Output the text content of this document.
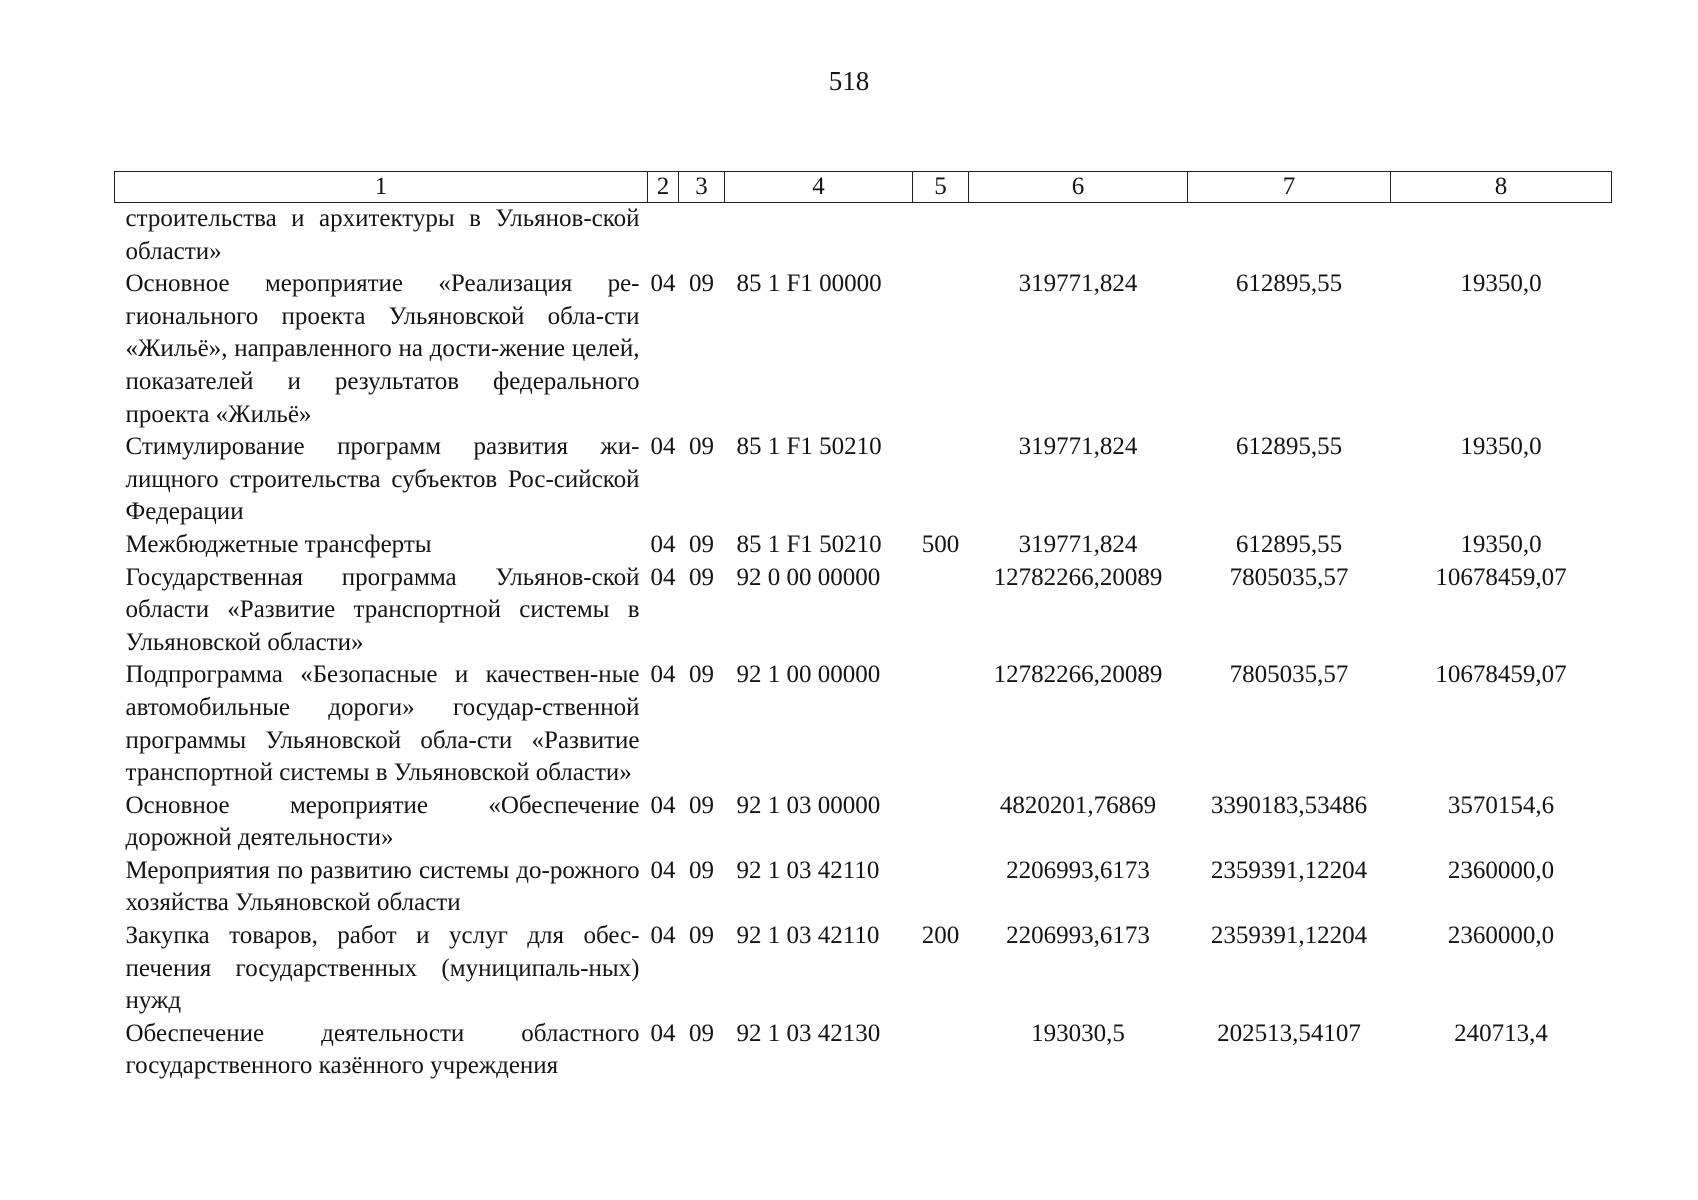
518
1	2	3	4	5	6	7	8

строительства и архитектуры в Ульянов-ской области»							

Основное мероприятие «Реализация ре-гионального проекта Ульяновской обла-сти «Жильё», направленного на дости-жение целей, показателей и результатов федерального проекта «Жильё»	04	09	85 1 F1 00000		319771,824	612895,55	19350,0

Стимулирование программ развития жи-лищного строительства субъектов Рос-сийской Федерации	04	09	85 1 F1 50210		319771,824	612895,55	19350,0

Межбюджетные трансферты	04	09	85 1 F1 50210	500	319771,824	612895,55	19350,0

Государственная программа Ульянов-ской области «Развитие транспортной системы в Ульяновской области»	04	09	92 0 00 00000		12782266,20089	7805035,57	10678459,07

Подпрограмма «Безопасные и качествен-ные автомобильные дороги» государ-ственной программы Ульяновской обла-сти «Развитие транспортной системы в Ульяновской области»	04	09	92 1 00 00000		12782266,20089	7805035,57	10678459,07

Основное мероприятие «Обеспечение дорожной деятельности»	04	09	92 1 03 00000		4820201,76869	3390183,53486	3570154,6

Мероприятия по развитию системы до-рожного хозяйства Ульяновской области	04	09	92 1 03 42110		2206993,6173	2359391,12204	2360000,0

Закупка товаров, работ и услуг для обес-печения государственных (муниципаль-ных) нужд	04	09	92 1 03 42110	200	2206993,6173	2359391,12204	2360000,0

Обеспечение деятельности областного государственного казённого учреждения	04	09	92 1 03 42130		193030,5	202513,54107	240713,4
